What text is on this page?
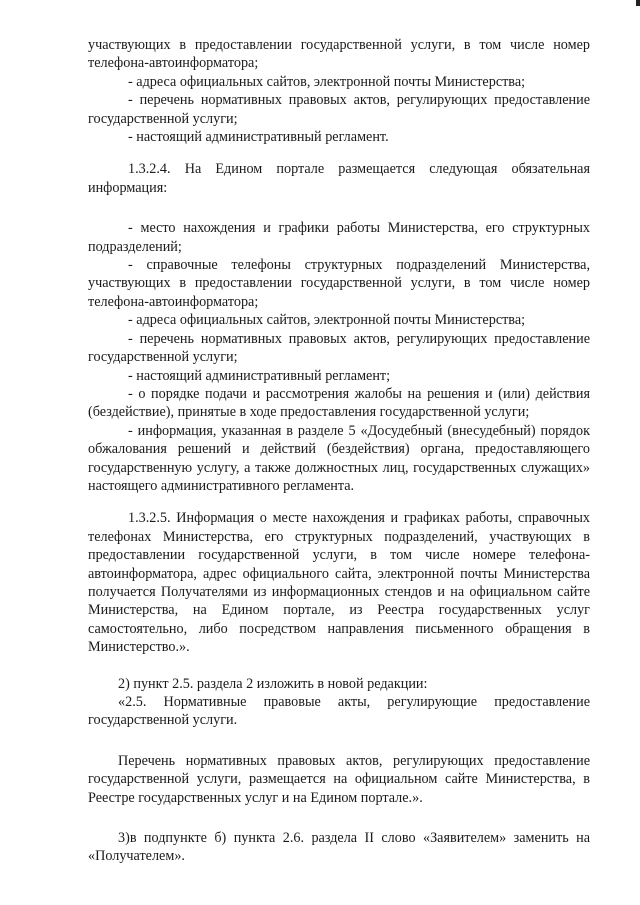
участвующих в предоставлении государственной услуги, в том числе номер телефона-автоинформатора;

- адреса официальных сайтов, электронной почты Министерства;

- перечень нормативных правовых актов, регулирующих предоставление государственной услуги;

- настоящий административный регламент.

1.3.2.4. На Едином портале размещается следующая обязательная информация:

- место нахождения и графики работы Министерства, его структурных подразделений;

- справочные телефоны структурных подразделений Министерства, участвующих в предоставлении государственной услуги, в том числе номер телефона-автоинформатора;

- адреса официальных сайтов, электронной почты Министерства;

- перечень нормативных правовых актов, регулирующих предоставление государственной услуги;

- настоящий административный регламент;

- о порядке подачи и рассмотрения жалобы на решения и (или) действия (бездействие), принятые в ходе предоставления государственной услуги;

- информация, указанная в разделе 5 «Досудебный (внесудебный) порядок обжалования решений и действий (бездействия) органа, предоставляющего государственную услугу, а также должностных лиц, государственных служащих» настоящего административного регламента.

1.3.2.5. Информация о месте нахождения и графиках работы, справочных телефонах Министерства, его структурных подразделений, участвующих в предоставлении государственной услуги, в том числе номере телефона-автоинформатора, адрес официального сайта, электронной почты Министерства получается Получателями из информационных стендов и на официальном сайте Министерства, на Едином портале, из Реестра государственных услуг самостоятельно, либо посредством направления письменного обращения в Министерство.».

2) пункт 2.5. раздела 2 изложить в новой редакции:

«2.5. Нормативные правовые акты, регулирующие предоставление государственной услуги.

Перечень нормативных правовых актов, регулирующих предоставление государственной услуги, размещается на официальном сайте Министерства, в Реестре государственных услуг и на Едином портале.».

3)в подпункте б) пункта 2.6. раздела II слово «Заявителем» заменить на «Получателем».
